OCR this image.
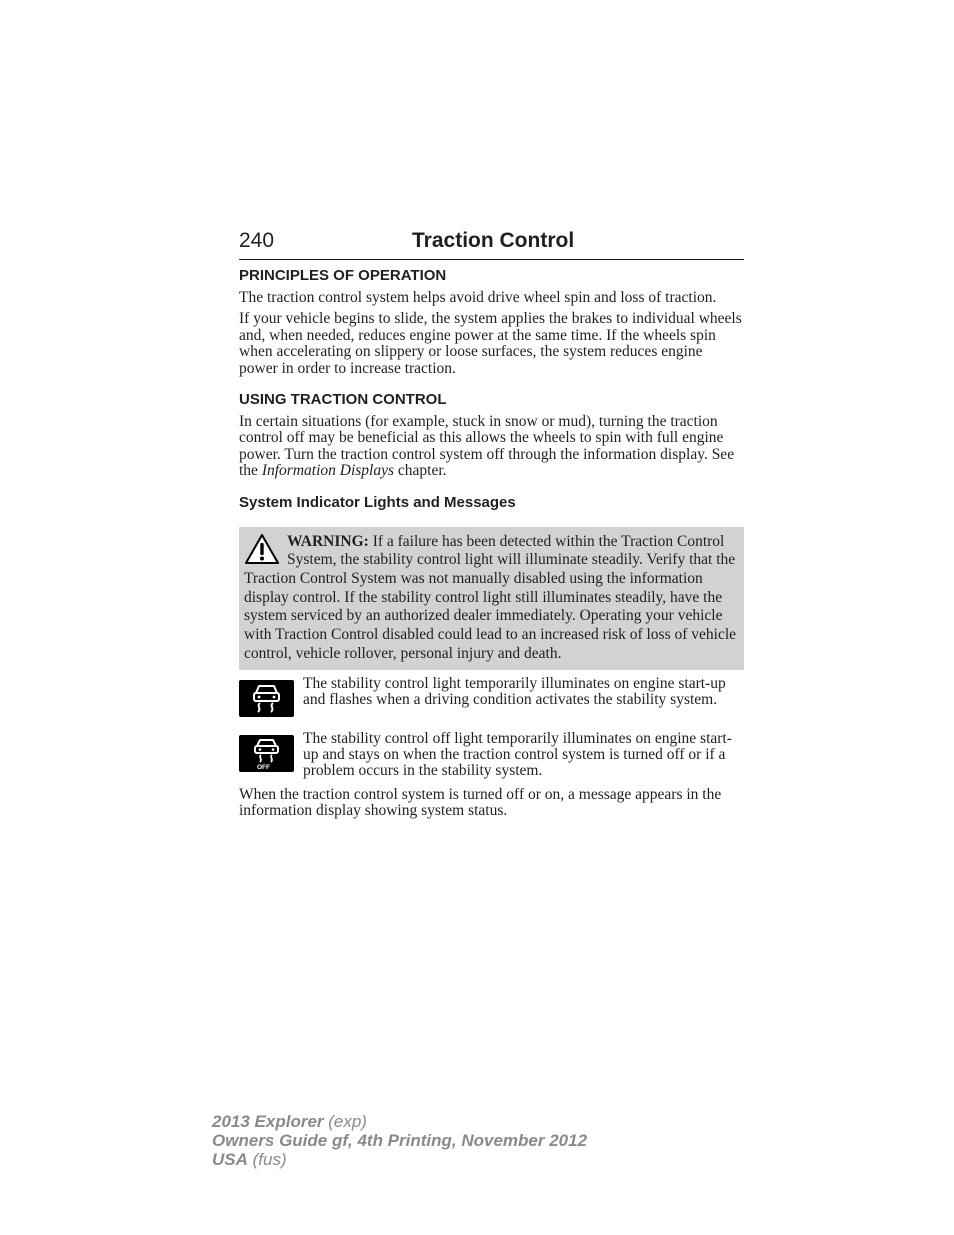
240	Traction Control
PRINCIPLES OF OPERATION

The traction control system helps avoid drive wheel spin and loss of traction.

If your vehicle begins to slide, the system applies the brakes to individual wheels and, when needed, reduces engine power at the same time. If the wheels spin when accelerating on slippery or loose surfaces, the system reduces engine power in order to increase traction.

USING TRACTION CONTROL

In certain situations (for example, stuck in snow or mud), turning the traction control off may be beneficial as this allows the wheels to spin with full engine power. Turn the traction control system off through the information display. See the Information Displays chapter.

System Indicator Lights and Messages
WARNING: If a failure has been detected within the Traction Control System, the stability control light will illuminate steadily. Verify that the Traction Control System was not manually disabled using the information display control. If the stability control light still illuminates steadily, have the system serviced by an authorized dealer immediately. Operating your vehicle with Traction Control disabled could lead to an increased risk of loss of vehicle control, vehicle rollover, personal injury and death.

The stability control light temporarily illuminates on engine start-up and flashes when a driving condition activates the stability system.

OFF

The stability control off light temporarily illuminates on engine start-up and stays on when the traction control system is turned off or if a problem occurs in the stability system.

When the traction control system is turned off or on, a message appears in the information display showing system status.

2013 Explorer (exp)
Owners Guide gf, 4th Printing, November 2012
USA (fus)
